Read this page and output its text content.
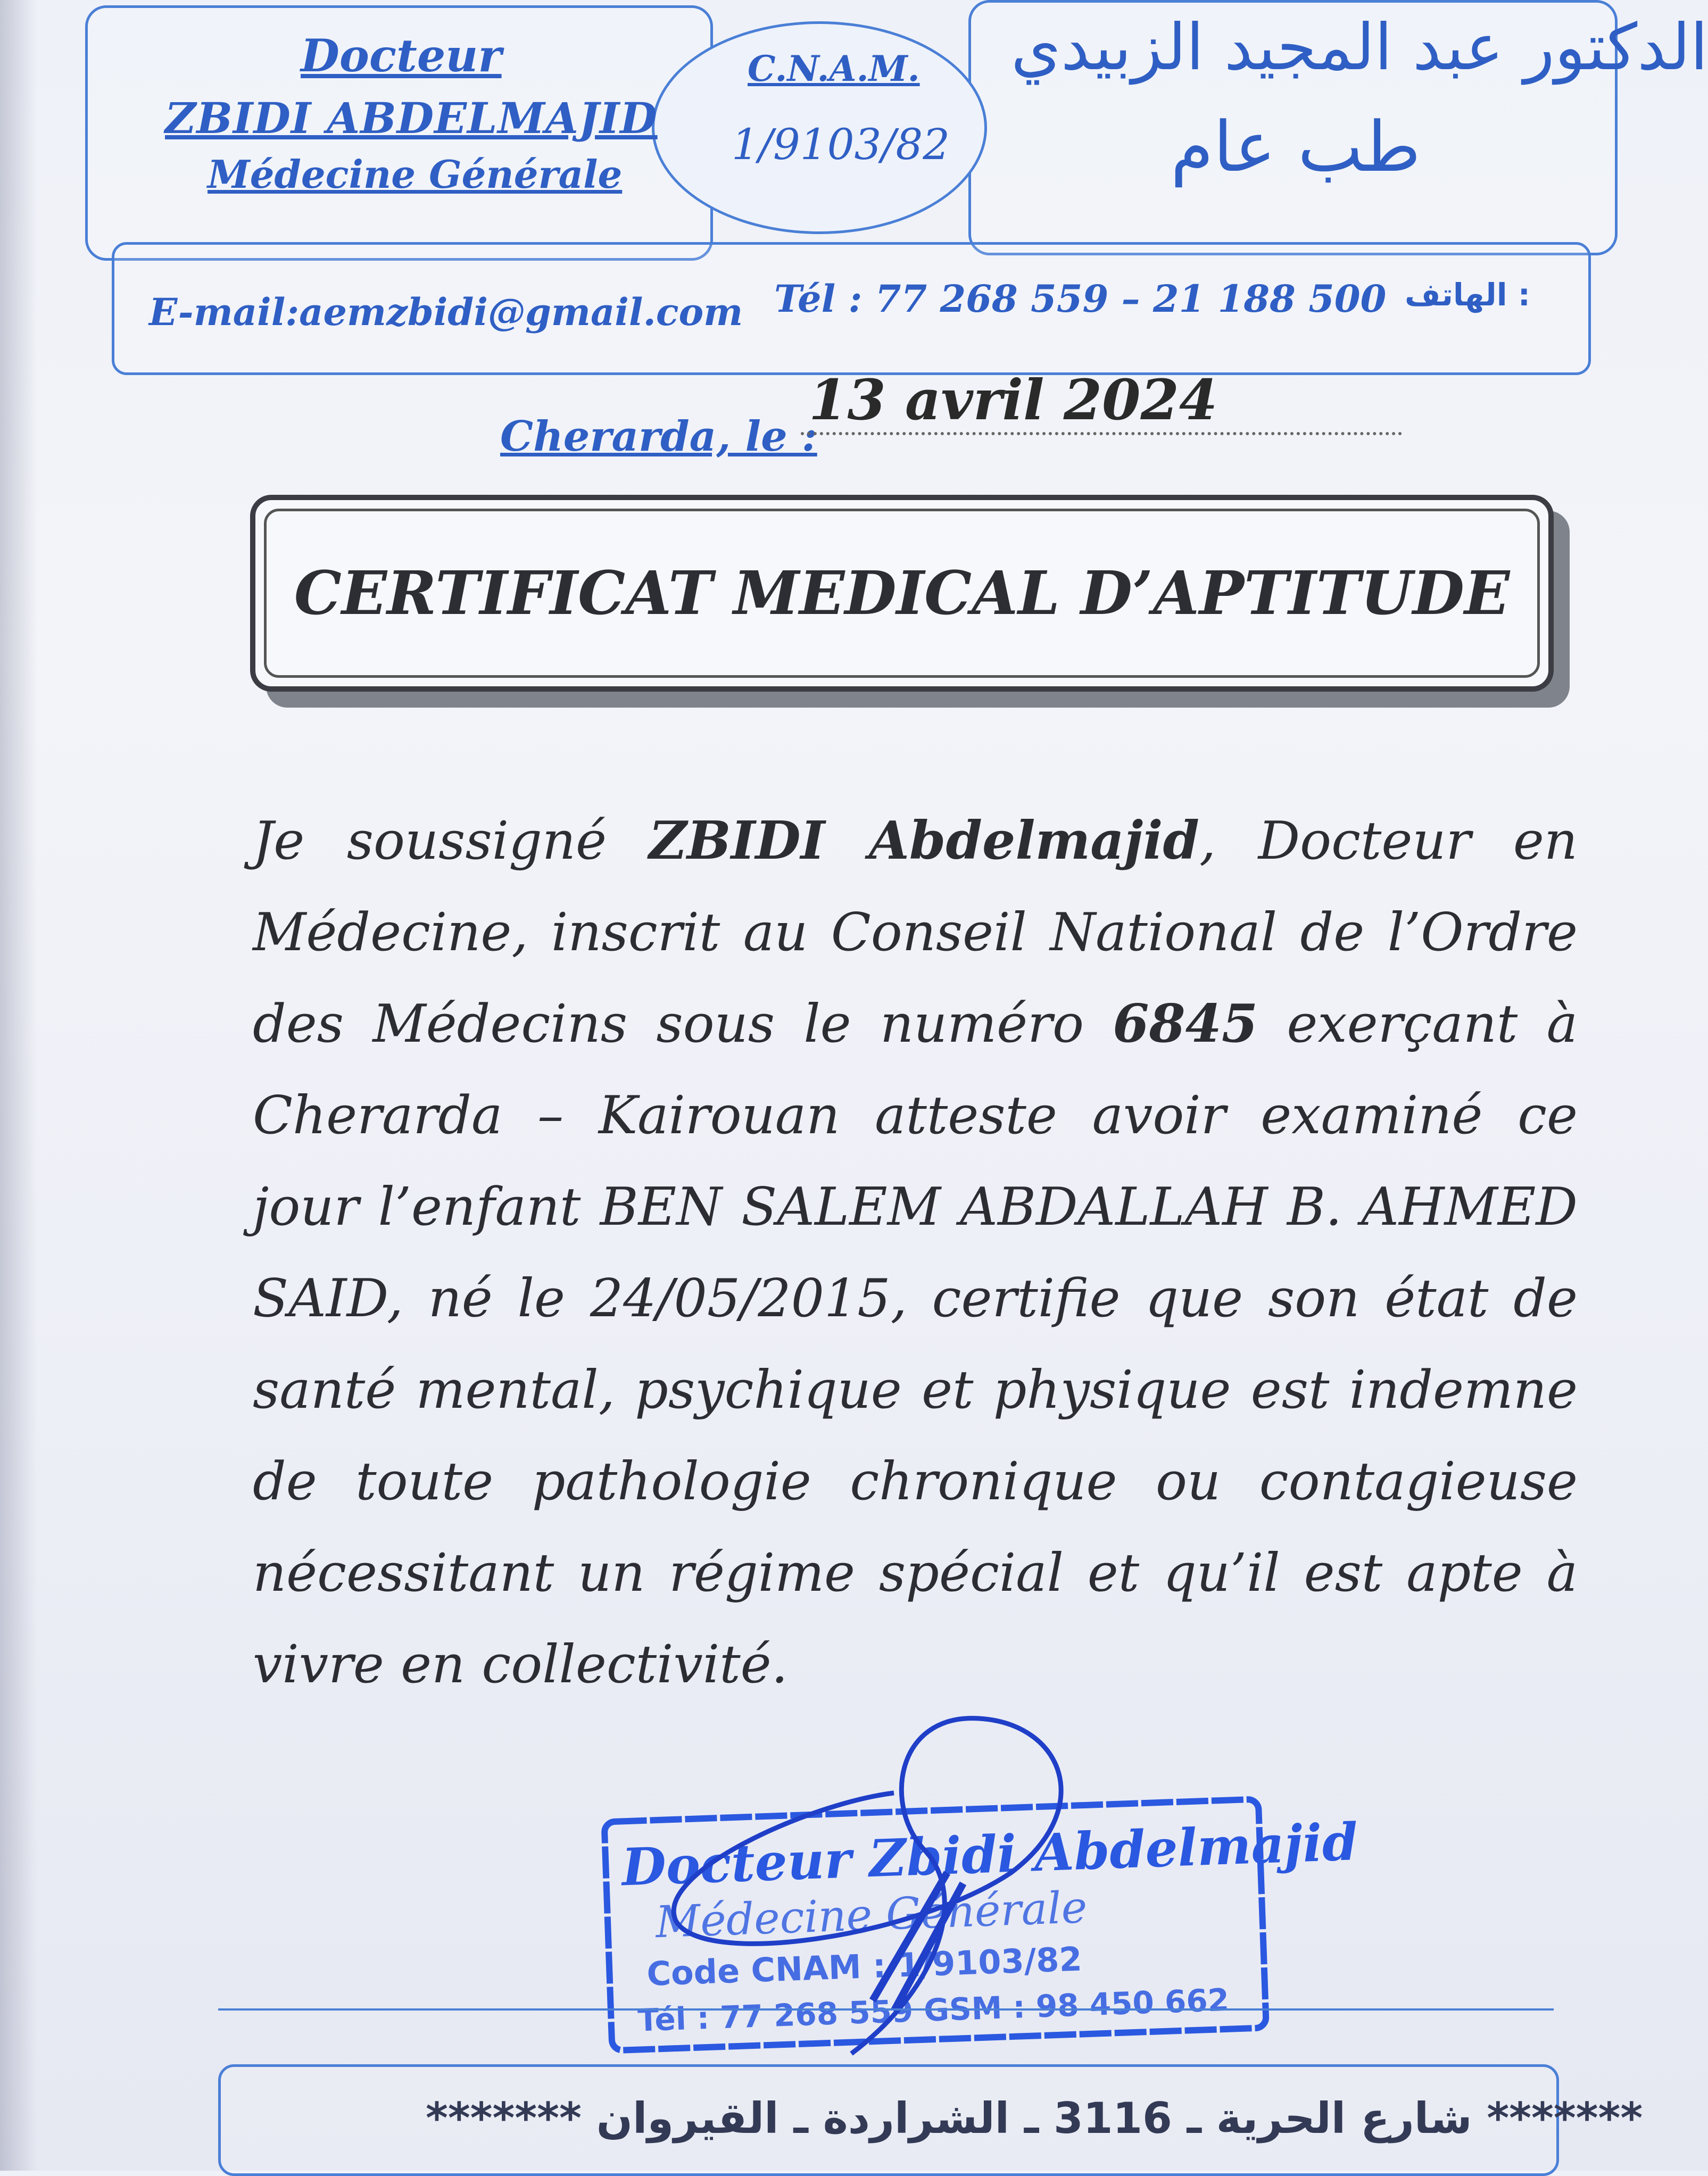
Docteur
ZBIDI ABDELMAJID
Médecine Générale
C.N.A.M.
1/9103/82
الدكتور عبد المجيد الزبيدي
طب عام
E-mail:aemzbidi@gmail.com Tél : 77 268 559 – 21 188 500 : الهاتف
Cherarda, le :
13 avril 2024
CERTIFICAT MEDICAL D’APTITUDE
Je soussigné ZBIDI Abdelmajid, Docteur en Médecine, inscrit au Conseil National de l’Ordre des Médecins sous le numéro 6845 exerçant à Cherarda – Kairouan atteste avoir examiné ce jour l’enfant BEN SALEM ABDALLAH B. AHMED SAID, né le 24/05/2015, certifie que son état de santé mental, psychique et physique est indemne de toute pathologie chronique ou contagieuse nécessitant un régime spécial et qu’il est apte à vivre en collectivité.
Docteur Zbidi Abdelmajid
Médecine Générale
Code CNAM : 1/9103/82
Tél : 77 268 559 GSM : 98 450 662
******* شارع الحرية ـ 3116 ـ الشراردة ـ القيروان *******
